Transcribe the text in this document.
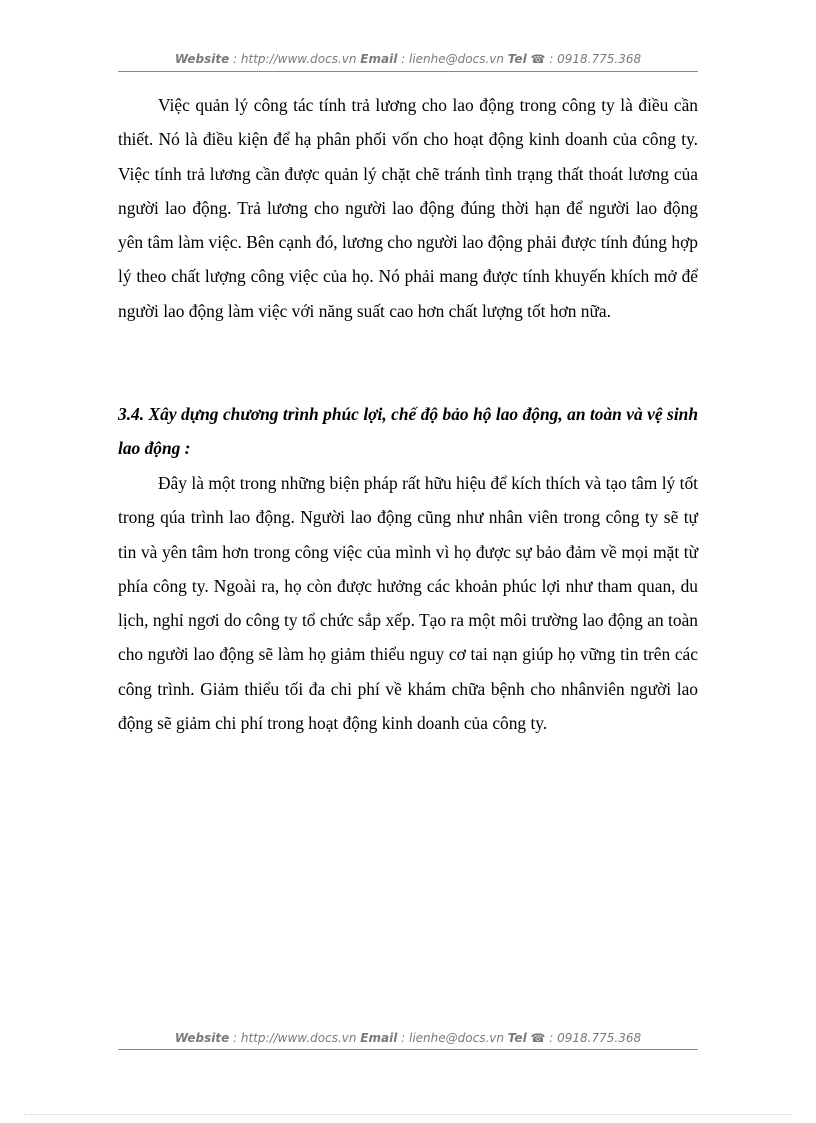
Website : http://www.docs.vn Email : lienhe@docs.vn Tel ☎ : 0918.775.368

Việc quản lý công tác tính trả lương cho lao động trong công ty là điều cần thiết. Nó là điều kiện để hạ phân phối vốn cho hoạt động kinh doanh của công ty. Việc tính trả lương cần được quản lý chặt chẽ tránh tình trạng thất thoát lương của người lao động. Trả lương cho người lao động đúng thời hạn để người lao động yên tâm làm việc. Bên cạnh đó, lương cho người lao động phải được tính đúng hợp lý theo chất lượng công việc của họ. Nó phải mang được tính khuyến khích mở để người lao động làm việc với năng suất cao hơn chất lượng tốt hơn nữa.

3.4. Xây dựng chương trình phúc lợi, chế độ bảo hộ lao động, an toàn và vệ sinh lao động :

Đây là một trong những biện pháp rất hữu hiệu để kích thích và tạo tâm lý tốt trong qúa trình lao động. Người lao động cũng như nhân viên trong công ty sẽ tự tin và yên tâm hơn trong công việc của mình vì họ được sự bảo đảm về mọi mặt từ phía công ty. Ngoài ra, họ còn được hưởng các khoản phúc lợi như tham quan, du lịch, nghỉ ngơi do công ty tổ chức sắp xếp. Tạo ra một môi trường lao động an toàn cho người lao động sẽ làm họ giảm thiểu nguy cơ tai nạn giúp họ vững tin trên các công trình. Giảm thiểu tối đa chi phí về khám chữa bệnh cho nhânviên người lao động sẽ giảm chi phí trong hoạt động kinh doanh của công ty.

Website : http://www.docs.vn Email : lienhe@docs.vn Tel ☎ : 0918.775.368
